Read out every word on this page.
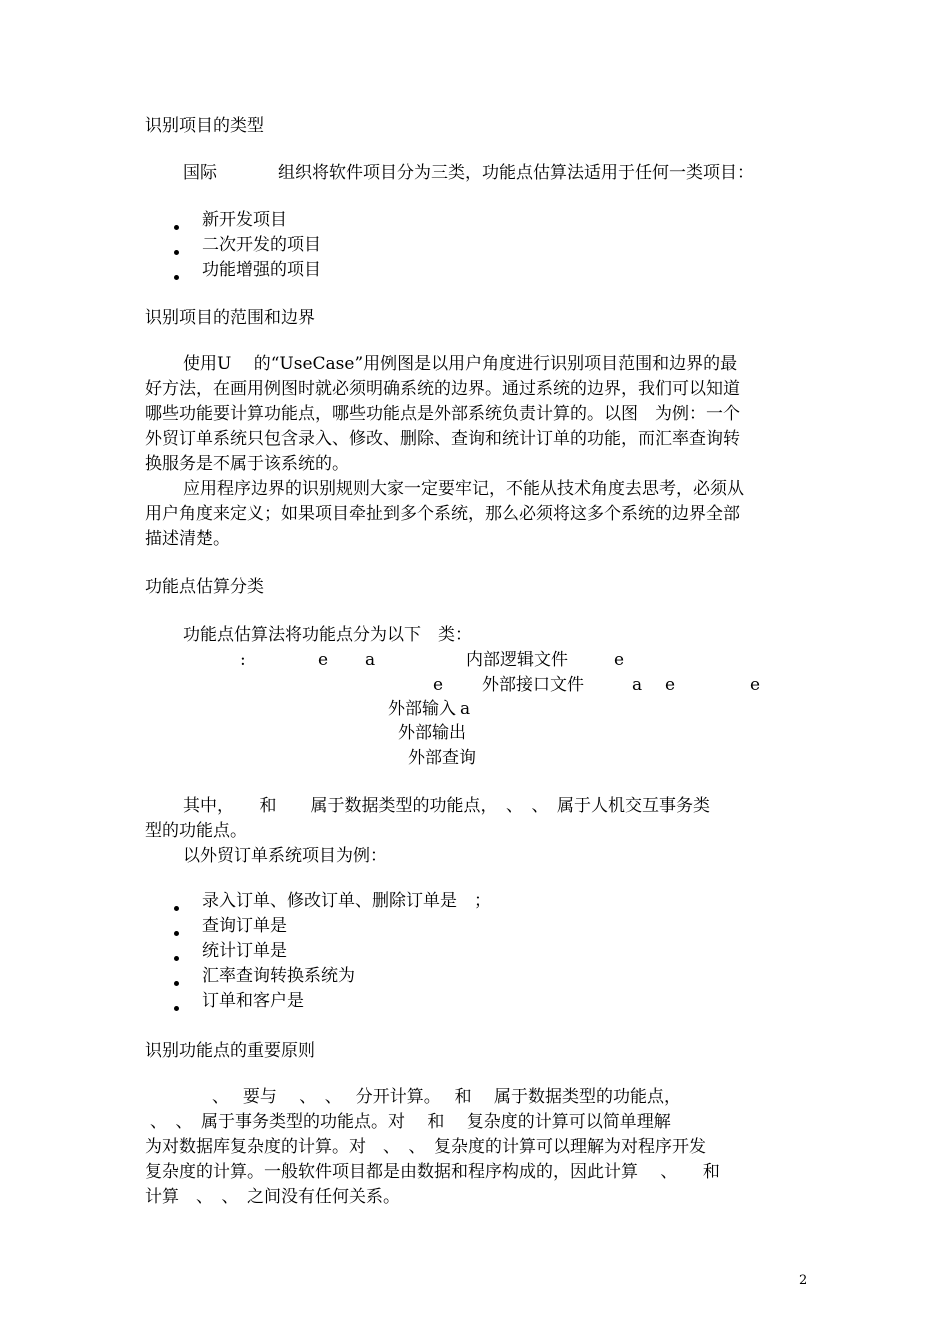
识别项目的类型
国际	组织将软件项目分为三类，功能点估算法适用于任何一类项目：
新开发项目
二次开发的项目
功能增强的项目
识别项目的范围和边界
使用U　 的“UseCase”用例图是以用户角度进行识别项目范围和边界的最
好方法，在画用例图时就必须明确系统的边界。通过系统的边界，我们可以知道
哪些功能要计算功能点，哪些功能点是外部系统负责计算的。以图　为例：一个
外贸订单系统只包含录入、修改、删除、查询和统计订单的功能，而汇率查询转
换服务是不属于该系统的。
应用程序边界的识别规则大家一定要牢记，不能从技术角度去思考，必须从
用户角度来定义；如果项目牵扯到多个系统，那么必须将这多个系统的边界全部
描述清楚。
功能点估算分类
功能点估算法将功能点分为以下　类：
:	e a	内部逻辑文件	e
e 外部接口文件	a e	e
外部输入 a
外部输出
外部查询
其中，　　和　　属于数据类型的功能点，　、　、　属于人机交互事务类
型的功能点。
以外贸订单系统项目为例：
录入订单、修改订单、删除订单是　；
查询订单是
统计订单是
汇率查询转换系统为
订单和客户是
识别功能点的重要原则
、　 要与　 、　、　 分开计算。　 和　 属于数据类型的功能点，
、　、　属于事务类型的功能点。对　 和　 复杂度的计算可以简单理解
为对数据库复杂度的计算。对　、　、　复杂度的计算可以理解为对程序开发
复杂度的计算。一般软件项目都是由数据和程序构成的，因此计算　 、　　和
计算　、　、　之间没有任何关系。
2
